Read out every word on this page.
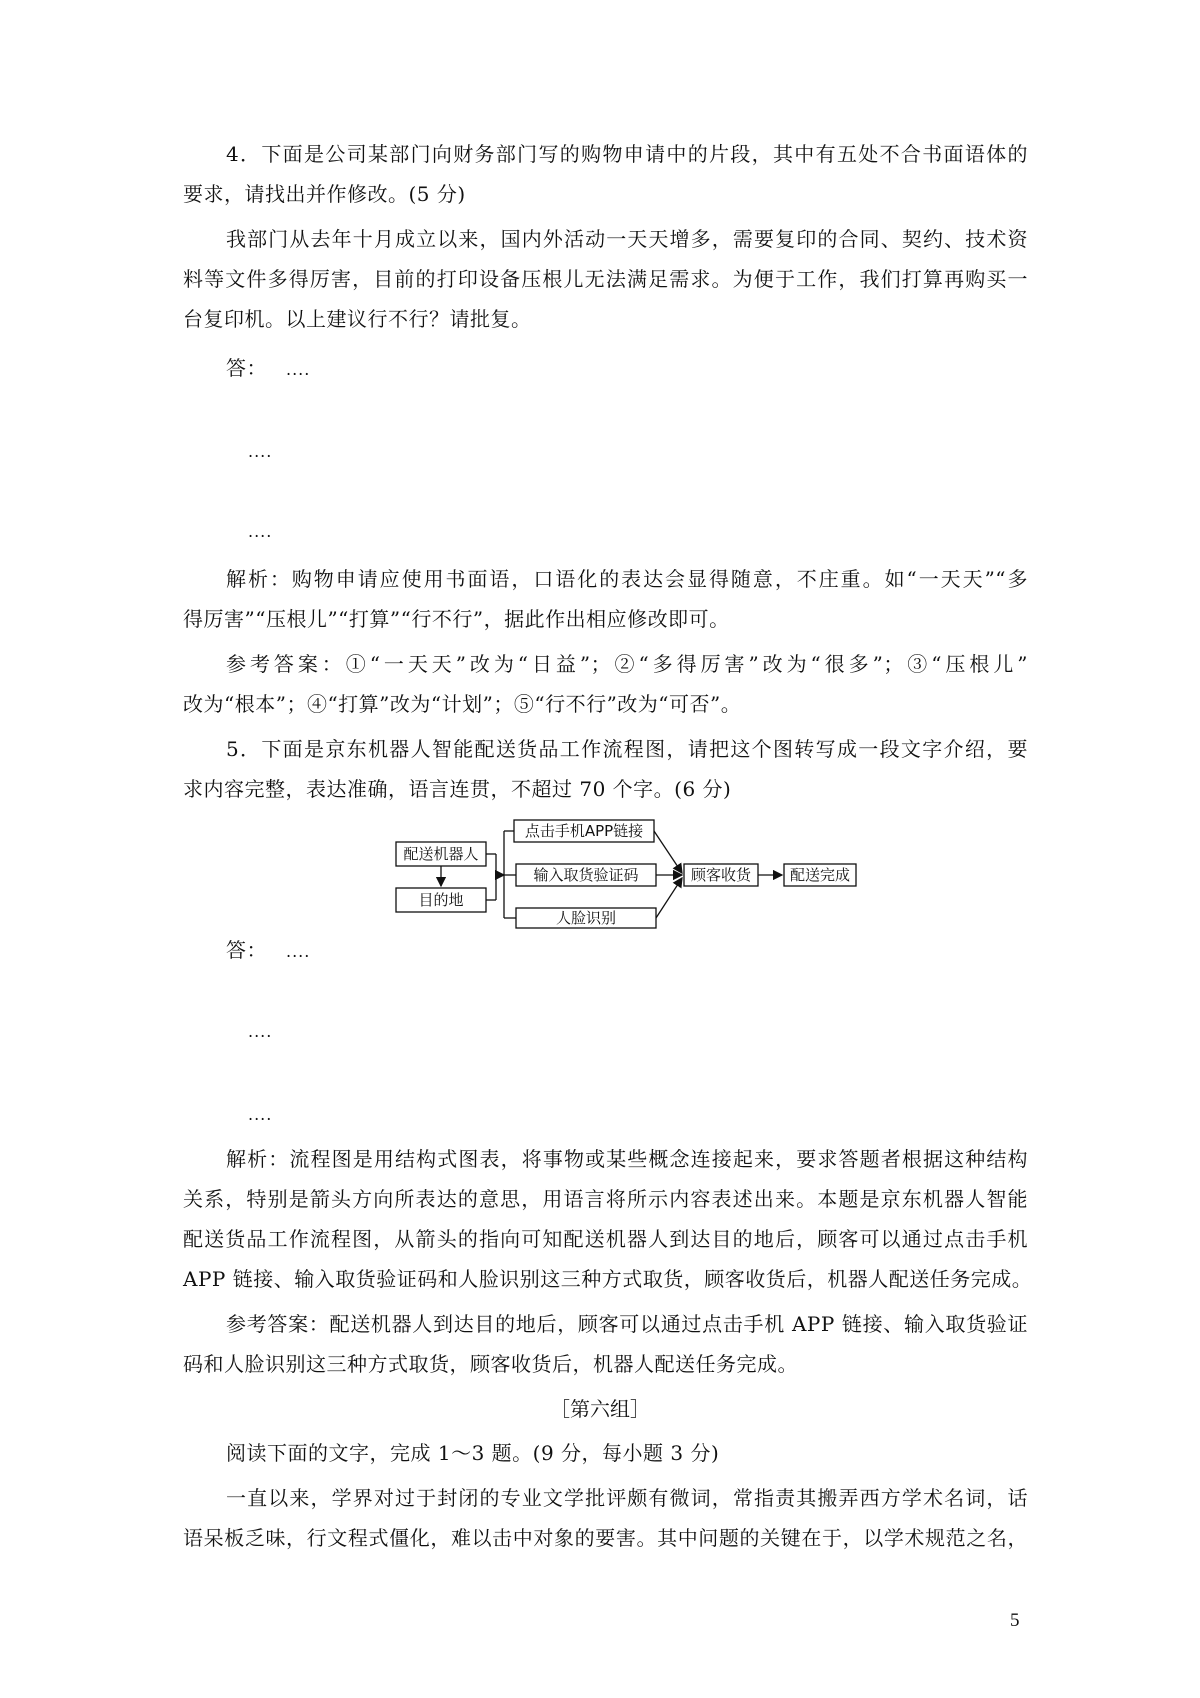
4．下面是公司某部门向财务部门写的购物申请中的片段，其中有五处不合书面语体的

要求，请找出并作修改。(5 分)

我部门从去年十月成立以来，国内外活动一天天增多，需要复印的合同、契约、技术资

料等文件多得厉害，目前的打印设备压根儿无法满足需求。为便于工作，我们打算再购买一

台复印机。以上建议行不行？请批复。

答： ....
....
....

解析：购物申请应使用书面语，口语化的表达会显得随意，不庄重。如“一天天”“多

得厉害”“压根儿”“打算”“行不行”，据此作出相应修改即可。

参考答案：①“一天天”改为“日益”；②“多得厉害”改为“很多”；③“压根儿”

改为“根本”；④“打算”改为“计划”；⑤“行不行”改为“可否”。

5．下面是京东机器人智能配送货品工作流程图，请把这个图转写成一段文字介绍，要

求内容完整，表达准确，语言连贯，不超过 70 个字。(6 分)

配送机器人
目的地
点击手机APP链接
输入取货验证码
人脸识别
顾客收货	配送完成
答： ....
....
....

解析：流程图是用结构式图表，将事物或某些概念连接起来，要求答题者根据这种结构

关系，特别是箭头方向所表达的意思，用语言将所示内容表述出来。本题是京东机器人智能

配送货品工作流程图，从箭头的指向可知配送机器人到达目的地后，顾客可以通过点击手机

APP 链接、输入取货验证码和人脸识别这三种方式取货，顾客收货后，机器人配送任务完成。

参考答案：配送机器人到达目的地后，顾客可以通过点击手机 APP 链接、输入取货验证

码和人脸识别这三种方式取货，顾客收货后，机器人配送任务完成。

［第六组］

阅读下面的文字，完成 1～3 题。(9 分，每小题 3 分)

一直以来，学界对过于封闭的专业文学批评颇有微词，常指责其搬弄西方学术名词，话

语呆板乏味，行文程式僵化，难以击中对象的要害。其中问题的关键在于，以学术规范之名，

5
